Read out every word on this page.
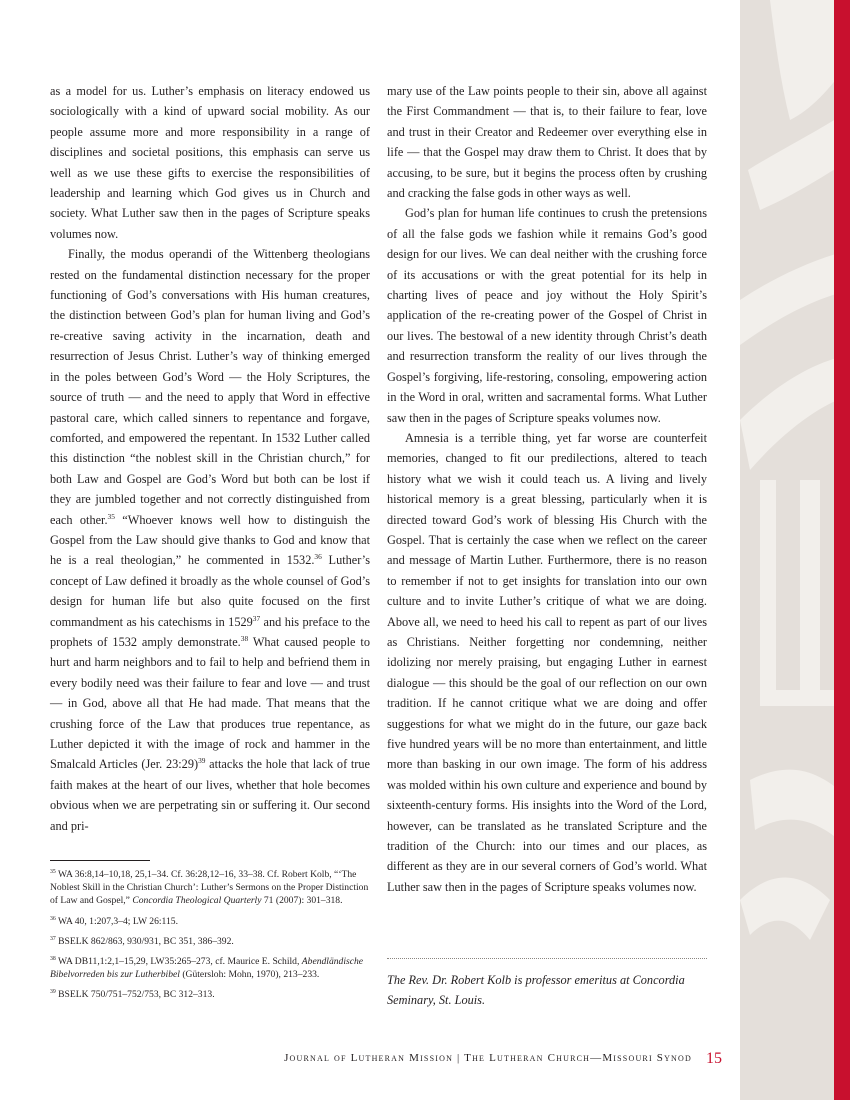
as a model for us. Luther’s emphasis on literacy endowed us sociologically with a kind of upward social mobility. As our people assume more and more responsibility in a range of disciplines and societal positions, this emphasis can serve us well as we use these gifts to exercise the responsibilities of leadership and learning which God gives us in Church and society. What Luther saw then in the pages of Scripture speaks volumes now.

Finally, the modus operandi of the Wittenberg theologians rested on the fundamental distinction necessary for the proper functioning of God’s conversations with His human creatures, the distinction between God’s plan for human living and God’s re-creative saving activity in the incarnation, death and resurrection of Jesus Christ. Luther’s way of thinking emerged in the poles between God’s Word — the Holy Scriptures, the source of truth — and the need to apply that Word in effective pastoral care, which called sinners to repentance and forgave, comforted, and empowered the repentant. In 1532 Luther called this distinction “the noblest skill in the Christian church,” for both Law and Gospel are God’s Word but both can be lost if they are jumbled together and not correctly distinguished from each other.$^{35}$ “Whoever knows well how to distinguish the Gospel from the Law should give thanks to God and know that he is a real theologian,” he commented in 1532.36 Luther’s concept of Law defined it broadly as the whole counsel of God’s design for human life but also quite focused on the first commandment as his catechisms in 1529$^{37}$ and his preface to the prophets of 1532 amply demonstrate.$^{38}$ What caused people to hurt and harm neighbors and to fail to help and befriend them in every bodily need was their failure to fear and love — and trust — in God, above all that He had made. That means that the crushing force of the Law that produces true repentance, as Luther depicted it with the image of rock and hammer in the Smalcald Articles (Jer. 23:29)$^{39}$ attacks the hole that lack of true faith makes at the heart of our lives, whether that hole becomes obvious when we are perpetrating sin or suffering it. Our second and pri-

mary use of the Law points people to their sin, above all against the First Commandment — that is, to their failure to fear, love and trust in their Creator and Redeemer over everything else in life — that the Gospel may draw them to Christ. It does that by accusing, to be sure, but it begins the process often by crushing and cracking the false gods in other ways as well.

God’s plan for human life continues to crush the pretensions of all the false gods we fashion while it remains God’s good design for our lives. We can deal neither with the crushing force of its accusations or with the great potential for its help in charting lives of peace and joy without the Holy Spirit’s application of the re-creating power of the Gospel of Christ in our lives. The bestowal of a new identity through Christ’s death and resurrection transform the reality of our lives through the Gospel’s forgiving, life-restoring, consoling, empowering action in the Word in oral, written and sacramental forms. What Luther saw then in the pages of Scripture speaks volumes now.

Amnesia is a terrible thing, yet far worse are counterfeit memories, changed to fit our predilections, altered to teach history what we wish it could teach us. A living and lively historical memory is a great blessing, particularly when it is directed toward God’s work of blessing His Church with the Gospel. That is certainly the case when we reflect on the career and message of Martin Luther. Furthermore, there is no reason to remember if not to get insights for translation into our own culture and to invite Luther’s critique of what we are doing. Above all, we need to heed his call to repent as part of our lives as Christians. Neither forgetting nor condemning, neither idolizing nor merely praising, but engaging Luther in earnest dialogue — this should be the goal of our reflection on our own tradition. If he cannot critique what we are doing and offer suggestions for what we might do in the future, our gaze back five hundred years will be no more than entertainment, and little more than basking in our own image. The form of his address was molded within his own culture and experience and bound by sixteenth-century forms. His insights into the Word of the Lord, however, can be translated as he translated Scripture and the tradition of the Church: into our times and our places, as different as they are in our several corners of God’s world. What Luther saw then in the pages of Scripture speaks volumes now.

$^{35}$ WA 36:8,14–10,18, 25,1–34. Cf. 36:28,12–16, 33–38. Cf. Robert Kolb, “‘The Noblest Skill in the Christian Church’: Luther’s Sermons on the Proper Distinction of Law and Gospel,” Concordia Theological Quarterly 71 (2007): 301–318.

$^{36}$ WA 40, 1:207,3–4; LW 26:115.

$^{37}$ BSELK 862/863, 930/931, BC 351, 386–392.

$^{38}$ WA DB11,1:2,1–15,29, LW35:265–273, cf. Maurice E. Schild, Abendländische Bibelvorreden bis zur Lutherbibel (Gütersloh: Mohn, 1970), 213–233.

$^{39}$ BSELK 750/751–752/753, BC 312–313.

The Rev. Dr. Robert Kolb is professor emeritus at Concordia Seminary, St. Louis.
Journal of Lutheran Mission | The Lutheran Church—Missouri Synod 15
